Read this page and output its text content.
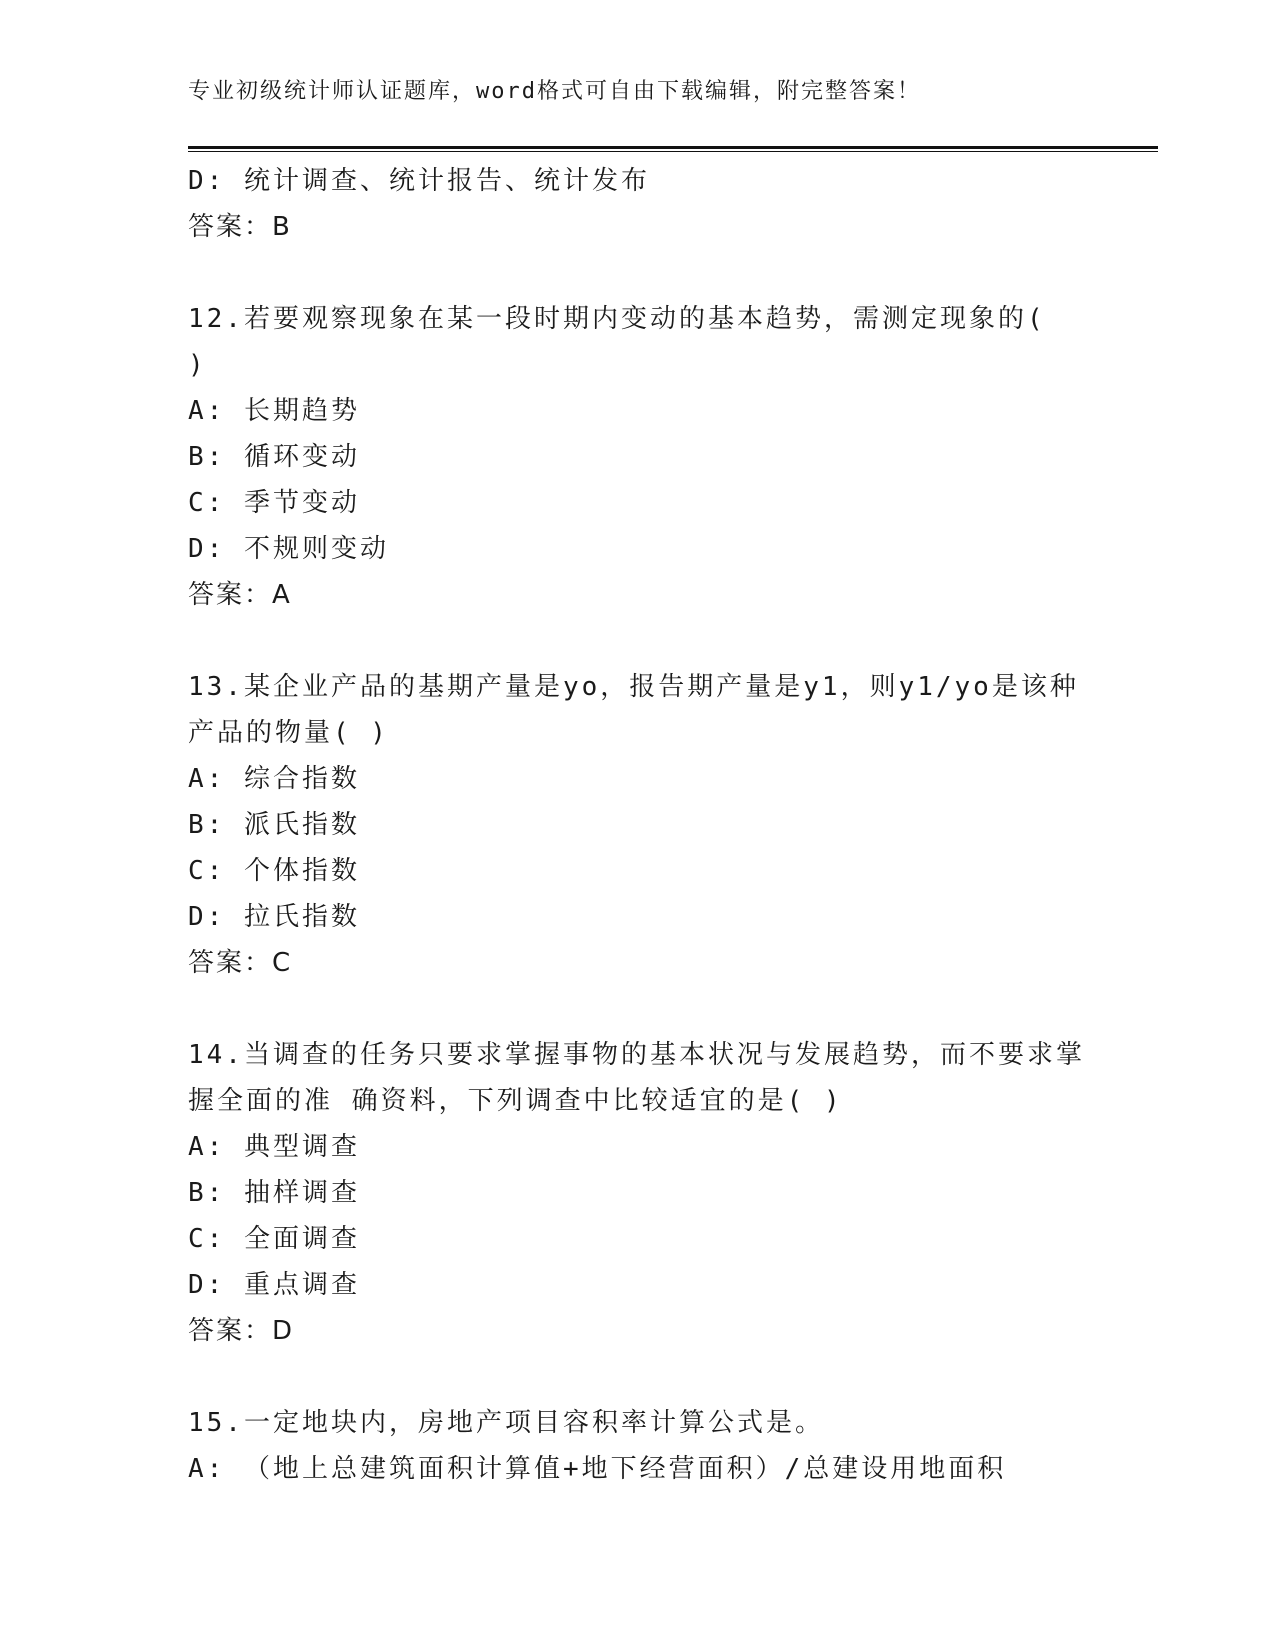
专业初级统计师认证题库，word格式可自由下载编辑，附完整答案！
D: 统计调查、统计报告、统计发布
答案：B
12.若要观察现象在某一段时期内变动的基本趋势，需测定现象的(
)
A: 长期趋势
B: 循环变动
C: 季节变动
D: 不规则变动
答案：A
13.某企业产品的基期产量是yo，报告期产量是y1，则y1/yo是该种
产品的物量( )
A: 综合指数
B: 派氏指数
C: 个体指数
D: 拉氏指数
答案：C
14.当调查的任务只要求掌握事物的基本状况与发展趋势，而不要求掌
握全面的准 确资料，下列调查中比较适宜的是( )
A: 典型调查
B: 抽样调查
C: 全面调查
D: 重点调查
答案：D
15.一定地块内，房地产项目容积率计算公式是。
A: （地上总建筑面积计算值+地下经营面积）/总建设用地面积
